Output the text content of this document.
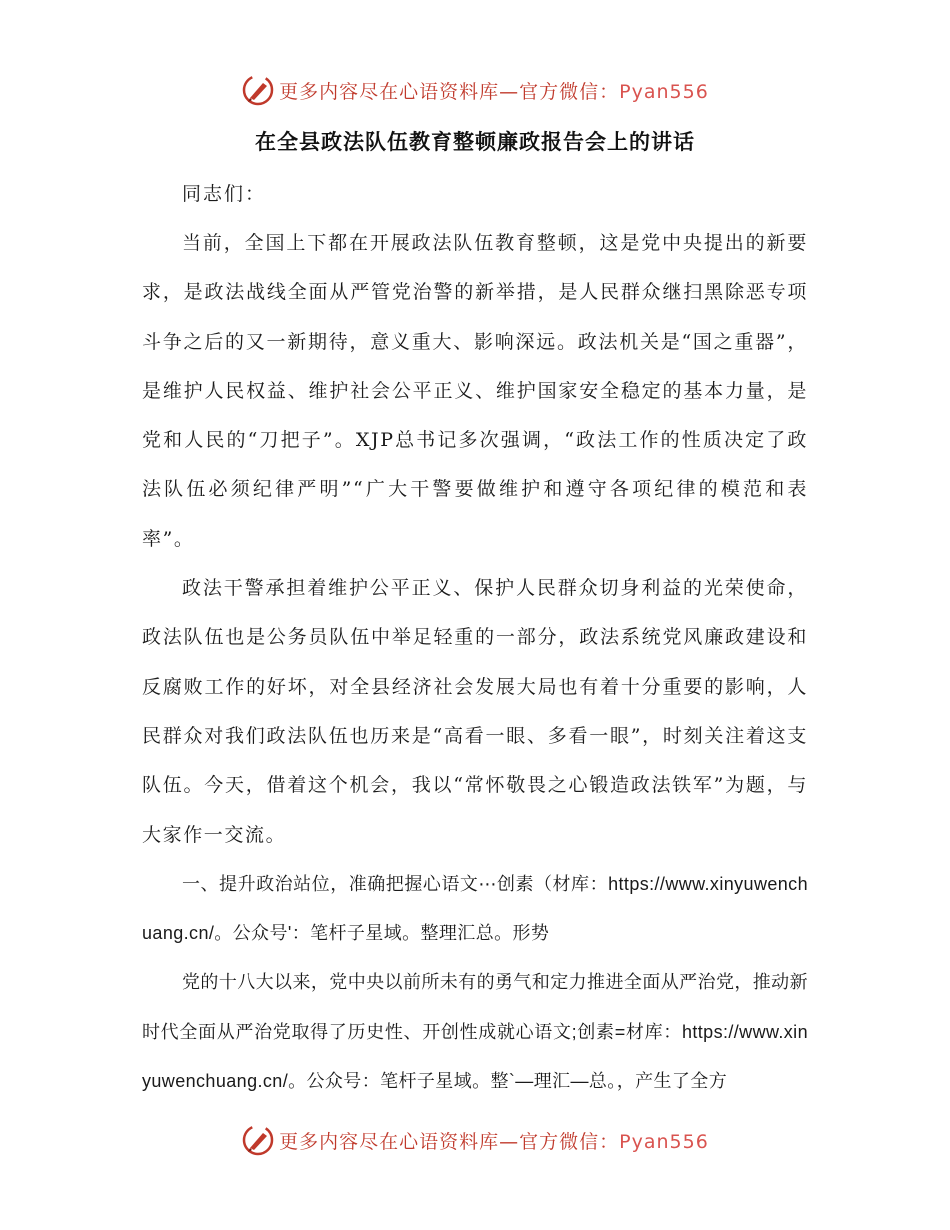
更多内容尽在心语资料库—官方微信：Pyan556
在全县政法队伍教育整顿廉政报告会上的讲话

同志们：

当前，全国上下都在开展政法队伍教育整顿，这是党中央提出的新要求，是政法战线全面从严管党治警的新举措，是人民群众继扫黑除恶专项斗争之后的又一新期待，意义重大、影响深远。政法机关是“国之重器”，是维护人民权益、维护社会公平正义、维护国家安全稳定的基本力量，是党和人民的“刀把子”。XJP总书记多次强调，“政法工作的性质决定了政法队伍必须纪律严明”“广大干警要做维护和遵守各项纪律的模范和表率”。

政法干警承担着维护公平正义、保护人民群众切身利益的光荣使命，政法队伍也是公务员队伍中举足轻重的一部分，政法系统党风廉政建设和反腐败工作的好坏，对全县经济社会发展大局也有着十分重要的影响，人民群众对我们政法队伍也历来是“高看一眼、多看一眼”，时刻关注着这支队伍。今天，借着这个机会，我以“常怀敬畏之心锻造政法铁军”为题，与大家作一交流。

一、提升政治站位，准确把握心语文⋯创素（材库：https://www.xinyuwenchuang.cn/。公众号'：笔杆子星域。整理汇总。形势

党的十八大以来，党中央以前所未有的勇气和定力推进全面从严治党，推动新时代全面从严治党取得了历史性、开创性成就心语文;创素=材库：https://www.xinyuwenchuang.cn/。公众号：笔杆子星域。整`—理汇—总。，产生了全方

更多内容尽在心语资料库—官方微信：Pyan556
